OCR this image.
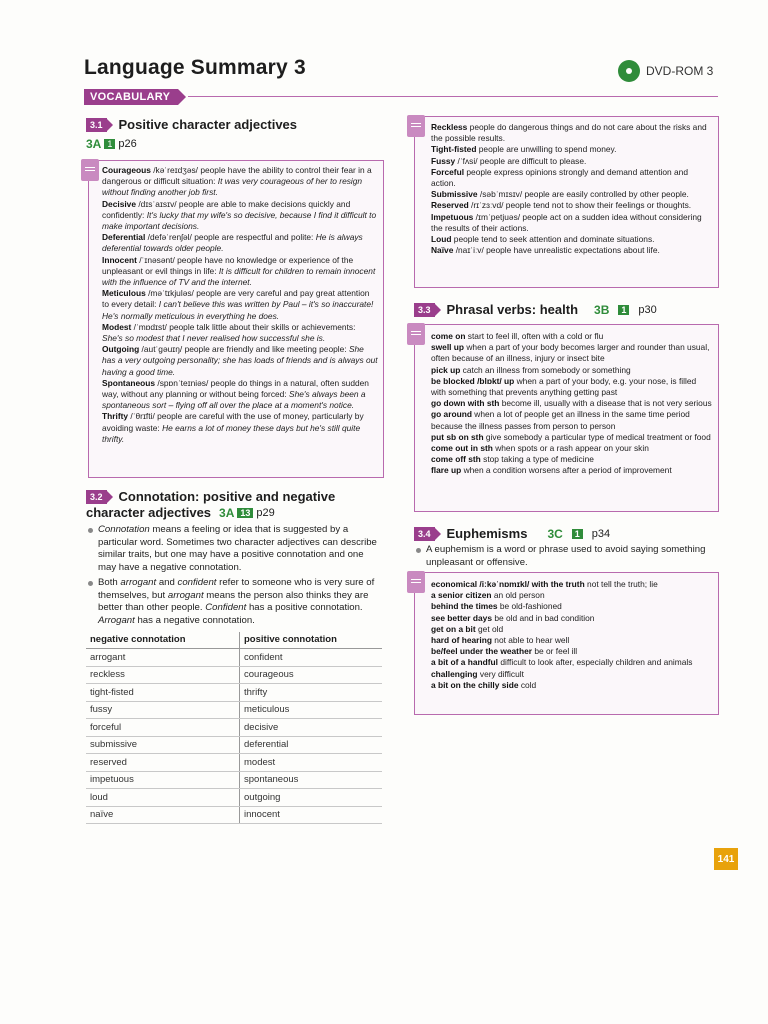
Language Summary 3	DVD-ROM 3
VOCABULARY
3.1	Positive character adjectives
3A 1 p26
Courageous /kəˈreɪdʒəs/ people have the ability to control their fear in a dangerous or difficult situation: It was very courageous of her to resign without finding another job first.
Decisive /dɪsˈaɪsɪv/ people are able to make decisions quickly and confidently: It's lucky that my wife's so decisive, because I find it difficult to make important decisions.
Deferential /defəˈrenʃəl/ people are respectful and polite: He is always deferential towards older people.
Innocent /ˈɪnəsənt/ people have no knowledge or experience of the unpleasant or evil things in life: It is difficult for children to remain innocent with the influence of TV and the internet.
Meticulous /məˈtɪkjuləs/ people are very careful and pay great attention to every detail: I can't believe this was written by Paul – it's so inaccurate! He's normally meticulous in everything he does.
Modest /ˈmɒdɪst/ people talk little about their skills or achievements: She's so modest that I never realised how successful she is.
Outgoing /autˈɡəuɪŋ/ people are friendly and like meeting people: She has a very outgoing personality; she has loads of friends and is always out having a good time.
Spontaneous /spɒnˈteɪniəs/ people do things in a natural, often sudden way, without any planning or without being forced: She's always been a spontaneous sort – flying off all over the place at a moment's notice.
Thrifty /ˈθrɪfti/ people are careful with the use of money, particularly by avoiding waste: He earns a lot of money these days but he's still quite thrifty.
3.2	Connotation: positive and negative
character adjectives 3A 13 p29
Connotation means a feeling or idea that is suggested by a particular word. Sometimes two character adjectives can describe similar traits, but one may have a positive connotation and one may have a negative connotation.
Both arrogant and confident refer to someone who is very sure of themselves, but arrogant means the person also thinks they are better than other people. Confident has a positive connotation. Arrogant has a negative connotation.
negative connotation	positive connotation
arrogant	confident
reckless	courageous
tight-fisted	thrifty
fussy	meticulous
forceful	decisive
submissive	deferential
reserved	modest
impetuous	spontaneous
loud	outgoing
naïve	innocent
Reckless people do dangerous things and do not care about the risks and the possible results.
Tight-fisted people are unwilling to spend money.
Fussy /ˈfʌsi/ people are difficult to please.
Forceful people express opinions strongly and demand attention and action.
Submissive /səbˈmɪsɪv/ people are easily controlled by other people.
Reserved /rɪˈzɜːvd/ people tend not to show their feelings or thoughts.
Impetuous /ɪmˈpetjuəs/ people act on a sudden idea without considering the results of their actions.
Loud people tend to seek attention and dominate situations.
Naïve /naɪˈiːv/ people have unrealistic expectations about life.
3.3	Phrasal verbs: health 3B	1 p30
come on start to feel ill, often with a cold or flu
swell up when a part of your body becomes larger and rounder than usual, often because of an illness, injury or insect bite
pick up catch an illness from somebody or something
be blocked /blɒkt/ up when a part of your body, e.g. your nose, is filled with something that prevents anything getting past
go down with sth become ill, usually with a disease that is not very serious
go around when a lot of people get an illness in the same time period because the illness passes from person to person
put sb on sth give somebody a particular type of medical treatment or food
come out in sth when spots or a rash appear on your skin
come off sth stop taking a type of medicine
flare up when a condition worsens after a period of improvement
3.4	Euphemisms 3C	1 p34
A euphemism is a word or phrase used to avoid saying something unpleasant or offensive.
economical /iːkəˈnɒmɪkl/ with the truth not tell the truth; lie
a senior citizen an old person
behind the times be old-fashioned
see better days be old and in bad condition
get on a bit get old
hard of hearing not able to hear well
be/feel under the weather be or feel ill
a bit of a handful difficult to look after, especially children and animals
challenging very difficult
a bit on the chilly side cold
141
